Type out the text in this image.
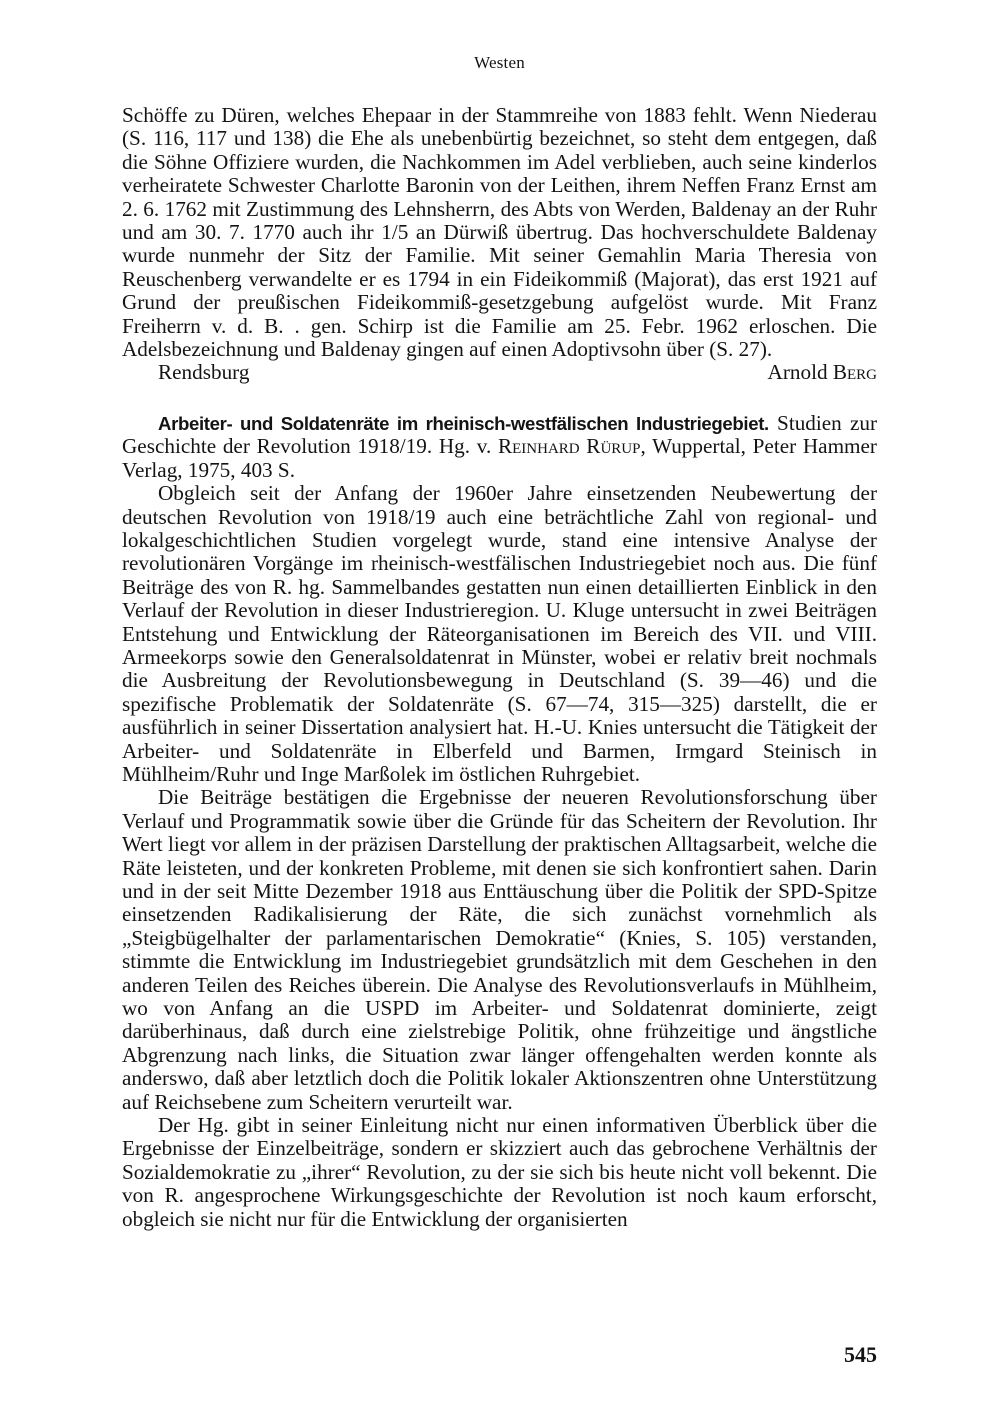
Westen

Schöffe zu Düren, welches Ehepaar in der Stammreihe von 1883 fehlt. Wenn Niederau (S. 116, 117 und 138) die Ehe als unebenbürtig bezeichnet, so steht dem entgegen, daß die Söhne Offiziere wurden, die Nachkommen im Adel verblieben, auch seine kinderlos verheiratete Schwester Charlotte Baronin von der Leithen, ihrem Neffen Franz Ernst am 2. 6. 1762 mit Zustimmung des Lehnsherrn, des Abts von Werden, Baldenay an der Ruhr und am 30. 7. 1770 auch ihr 1/5 an Dürwiß übertrug. Das hochverschuldete Baldenay wurde nunmehr der Sitz der Familie. Mit seiner Gemahlin Maria Theresia von Reuschenberg verwandelte er es 1794 in ein Fideikommiß (Majorat), das erst 1921 auf Grund der preußischen Fideikommiß-gesetzgebung aufgelöst wurde. Mit Franz Freiherrn v. d. B. . gen. Schirp ist die Familie am 25. Febr. 1962 erloschen. Die Adelsbezeichnung und Baldenay gingen auf einen Adoptivsohn über (S. 27).

Rendsburg	Arnold Berg

Arbeiter- und Soldatenräte im rheinisch-westfälischen Industriegebiet. Studien zur Geschichte der Revolution 1918/19. Hg. v. Reinhard Rürup, Wuppertal, Peter Hammer Verlag, 1975, 403 S.

Obgleich seit der Anfang der 1960er Jahre einsetzenden Neubewertung der deutschen Revolution von 1918/19 auch eine beträchtliche Zahl von regional- und lokalgeschichtlichen Studien vorgelegt wurde, stand eine intensive Analyse der revolutionären Vorgänge im rheinisch-westfälischen Industriegebiet noch aus. Die fünf Beiträge des von R. hg. Sammelbandes gestatten nun einen detaillierten Einblick in den Verlauf der Revolution in dieser Industrieregion. U. Kluge untersucht in zwei Beiträgen Entstehung und Entwicklung der Räteorganisationen im Bereich des VII. und VIII. Armeekorps sowie den Generalsoldatenrat in Münster, wobei er relativ breit nochmals die Ausbreitung der Revolutionsbewegung in Deutschland (S. 39—46) und die spezifische Problematik der Soldatenräte (S. 67—74, 315—325) darstellt, die er ausführlich in seiner Dissertation analysiert hat. H.-U. Knies untersucht die Tätigkeit der Arbeiter- und Soldatenräte in Elberfeld und Barmen, Irmgard Steinisch in Mühlheim/Ruhr und Inge Marßolek im östlichen Ruhrgebiet.

Die Beiträge bestätigen die Ergebnisse der neueren Revolutionsforschung über Verlauf und Programmatik sowie über die Gründe für das Scheitern der Revolution. Ihr Wert liegt vor allem in der präzisen Darstellung der praktischen Alltagsarbeit, welche die Räte leisteten, und der konkreten Probleme, mit denen sie sich konfrontiert sahen. Darin und in der seit Mitte Dezember 1918 aus Enttäuschung über die Politik der SPD-Spitze einsetzenden Radikalisierung der Räte, die sich zunächst vornehmlich als „Steigbügelhalter der parlamentarischen Demokratie“ (Knies, S. 105) verstanden, stimmte die Entwicklung im Industriegebiet grundsätzlich mit dem Geschehen in den anderen Teilen des Reiches überein. Die Analyse des Revolutionsverlaufs in Mühlheim, wo von Anfang an die USPD im Arbeiter- und Soldatenrat dominierte, zeigt darüberhinaus, daß durch eine zielstrebige Politik, ohne frühzeitige und ängstliche Abgrenzung nach links, die Situation zwar länger offengehalten werden konnte als anderswo, daß aber letztlich doch die Politik lokaler Aktionszentren ohne Unterstützung auf Reichsebene zum Scheitern verurteilt war.

Der Hg. gibt in seiner Einleitung nicht nur einen informativen Überblick über die Ergebnisse der Einzelbeiträge, sondern er skizziert auch das gebrochene Verhältnis der Sozialdemokratie zu „ihrer“ Revolution, zu der sie sich bis heute nicht voll bekennt. Die von R. angesprochene Wirkungsgeschichte der Revolution ist noch kaum erforscht, obgleich sie nicht nur für die Entwicklung der organisierten

545
